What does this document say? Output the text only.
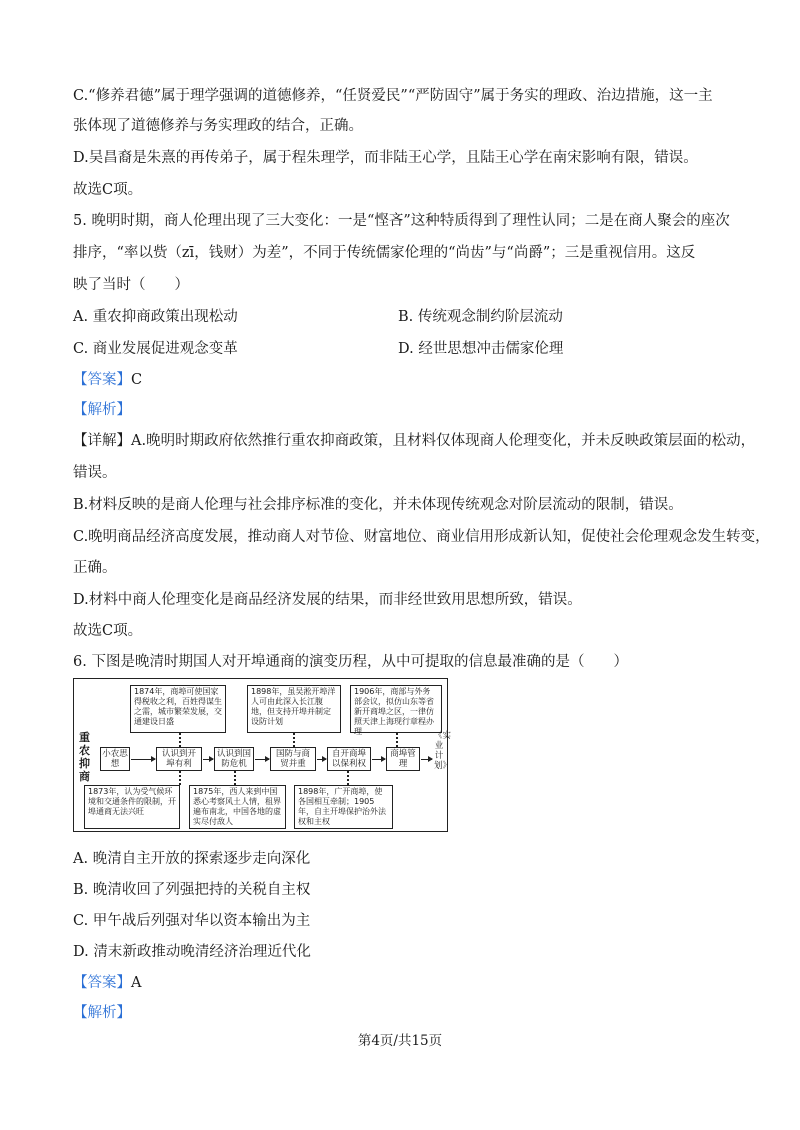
C.“修养君德”属于理学强调的道德修养，“任贤爱民”“严防固守”属于务实的理政、治边措施，这一主
张体现了道德修养与务实理政的结合，正确。
D.吴昌裔是朱熹的再传弟子，属于程朱理学，而非陆王心学，且陆王心学在南宋影响有限，错误。
故选C项。
5. 晚明时期，商人伦理出现了三大变化：一是“悭吝”这种特质得到了理性认同；二是在商人聚会的座次
排序，“率以赀（zī，钱财）为差”，不同于传统儒家伦理的“尚齿”与“尚爵”；三是重视信用。这反
映了当时（　　）
A. 重农抑商政策出现松动	B. 传统观念制约阶层流动
C. 商业发展促进观念变革	D. 经世思想冲击儒家伦理
【答案】C
【解析】
【详解】A.晚明时期政府依然推行重农抑商政策，且材料仅体现商人伦理变化，并未反映政策层面的松动，
错误。
B.材料反映的是商人伦理与社会排序标准的变化，并未体现传统观念对阶层流动的限制，错误。
C.晚明商品经济高度发展，推动商人对节俭、财富地位、商业信用形成新认知，促使社会伦理观念发生转变，
正确。
D.材料中商人伦理变化是商品经济发展的结果，而非经世致用思想所致，错误。
故选C项。
6. 下图是晚清时期国人对开埠通商的演变历程，从中可提取的信息最准确的是（　　）
重农抑商
1874年，商埠可使国家得税收之利，百姓得谋生之需，城市繁荣发展，交通建设日盛
1898年，虽吴淞开埠洋人可由此深入长江腹地，但支持开埠并制定设防计划
1906年，商部与外务部会议，拟仿山东等省新开商埠之区，一律仿照天津上海现行章程办理
小农思想
认识到开埠有利
认识到国防危机
国防与商贸并重
自开商埠以保利权
商埠管理
《实业计划》
1873年，认为受气候环境和交通条件的限制，开埠通商无法兴旺
1875年，西人来到中国悉心考察风土人情，租界遍布南北，中国各地的虚实尽付敌人
1898年，广开商埠，使各国相互牵制；1905年，自主开埠保护治外法权和主权
A. 晚清自主开放的探索逐步走向深化
B. 晚清收回了列强把持的关税自主权
C. 甲午战后列强对华以资本输出为主
D. 清末新政推动晚清经济治理近代化
【答案】A
【解析】
第4页/共15页
